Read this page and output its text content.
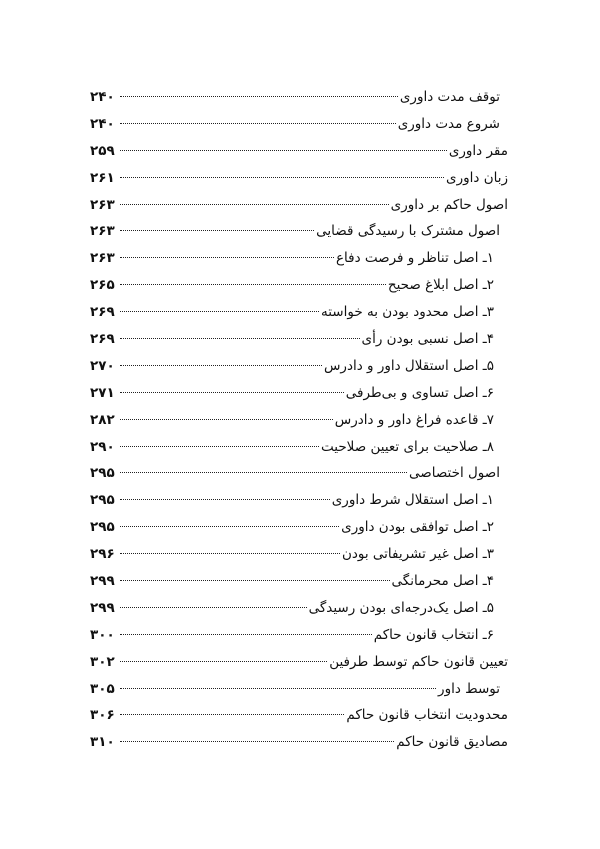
توقف مدت داوری
۲۴۰
شروع مدت داوری
۲۴۰
مقر داوری
۲۵۹
زبان داوری
۲۶۱
اصول حاکم بر داوری
۲۶۳
اصول مشترک با رسیدگی قضایی
۲۶۳
۱ـ اصل تناظر و فرصت دفاع
۲۶۳
۲ـ اصل ابلاغ صحیح
۲۶۵
۳ـ اصل محدود بودن به خواسته
۲۶۹
۴ـ اصل نسبی بودن رأی
۲۶۹
۵ـ اصل استقلال داور و دادرس
۲۷۰
۶ـ اصل تساوی و بی‌طرفی
۲۷۱
۷ـ قاعده فراغ داور و دادرس
۲۸۲
۸ـ صلاحیت برای تعیین صلاحیت
۲۹۰
اصول اختصاصی
۲۹۵
۱ـ اصل استقلال شرط داوری
۲۹۵
۲ـ اصل توافقی بودن داوری
۲۹۵
۳ـ اصل غیر تشریفاتی بودن
۲۹۶
۴ـ اصل محرمانگی
۲۹۹
۵ـ اصل یک‌درجه‌ای بودن رسیدگی
۲۹۹
۶ـ انتخاب قانون حاکم
۳۰۰
تعیین قانون حاکم توسط طرفین
۳۰۲
توسط داور
۳۰۵
محدودیت انتخاب قانون حاکم
۳۰۶
مصادیق قانون حاکم
۳۱۰
